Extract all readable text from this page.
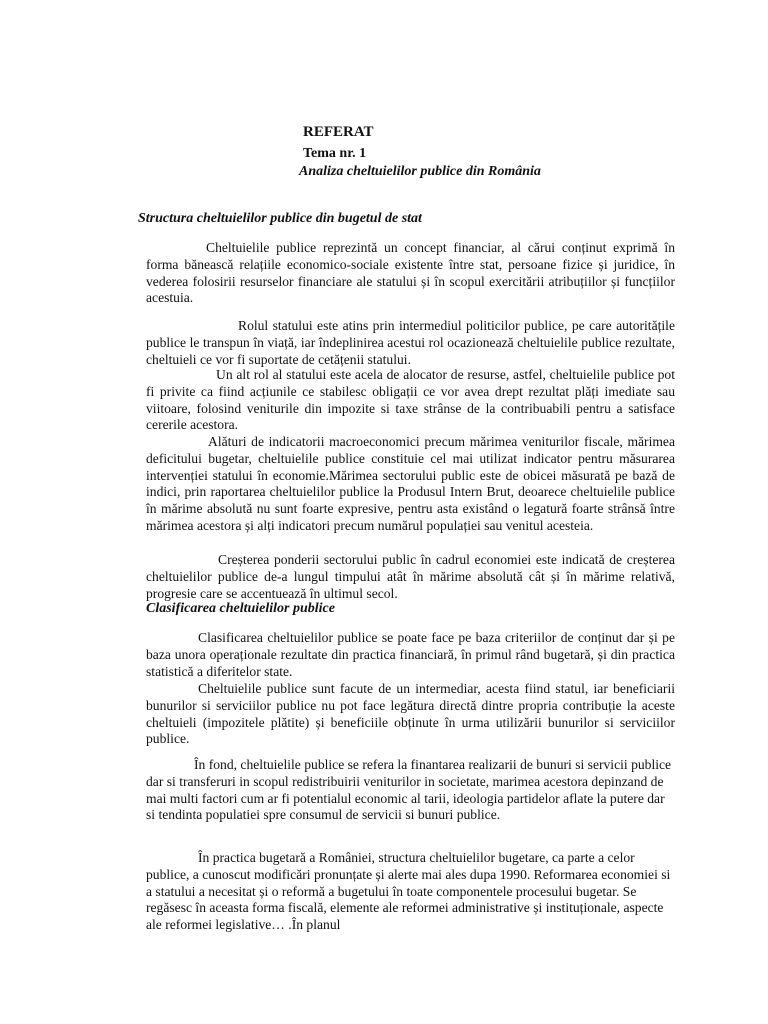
REFERAT
Tema nr. 1
Analiza cheltuielilor publice din România
Structura cheltuielilor publice din bugetul de stat

Cheltuielile publice reprezintă un concept financiar, al cărui conținut exprimă în forma bănească relațiile economico-sociale existente între stat, persoane fizice și juridice, în vederea folosirii resurselor financiare ale statului și în scopul exercitării atribuțiilor și funcțiilor acestuia.

Rolul statului este atins prin intermediul politicilor publice, pe care autoritățile publice le transpun în viață, iar îndeplinirea acestui rol ocazionează cheltuielile publice rezultate, cheltuieli ce vor fi suportate de cetățenii statului.

Un alt rol al statului este acela de alocator de resurse, astfel, cheltuielile publice pot fi privite ca fiind acțiunile ce stabilesc obligații ce vor avea drept rezultat plăți imediate sau viitoare, folosind veniturile din impozite si taxe strânse de la contribuabili pentru a satisface cererile acestora.

Alături de indicatorii macroeconomici precum mărimea veniturilor fiscale, mărimea deficitului bugetar, cheltuielile publice constituie cel mai utilizat indicator pentru măsurarea intervenției statului în economie.Mărimea sectorului public este de obicei măsurată pe bază de indici, prin raportarea cheltuielilor publice la Produsul Intern Brut, deoarece cheltuielile publice în mărime absolută nu sunt foarte expresive, pentru asta existând o legatură foarte strânsă între mărimea acestora și alți indicatori precum numărul populației sau venitul acesteia.

Creșterea ponderii sectorului public în cadrul economiei este indicată de creșterea cheltuielilor publice de-a lungul timpului atât în mărime absolută cât și în mărime relativă, progresie care se accentuează în ultimul secol.

Clasificarea cheltuielilor publice

Clasificarea cheltuielilor publice se poate face pe baza criteriilor de conținut dar și pe baza unora operaționale rezultate din practica financiară, în primul rând bugetară, și din practica statistică a diferitelor state.

Cheltuielile publice sunt facute de un intermediar, acesta fiind statul, iar beneficiarii bunurilor si serviciilor publice nu pot face legătura directă dintre propria contribuție la aceste cheltuieli (impozitele plătite) și beneficiile obținute în urma utilizării bunurilor si serviciilor publice.

În fond, cheltuielile publice se refera la finantarea realizarii de bunuri si servicii publice dar si transferuri in scopul redistribuirii veniturilor in societate, marimea acestora depinzand de mai multi factori cum ar fi potentialul economic al tarii, ideologia partidelor aflate la putere dar si tendinta populatiei spre consumul de servicii si bunuri publice.

În practica bugetară a României, structura cheltuielilor bugetare, ca parte a celor publice, a cunoscut modificări pronunțate și alerte mai ales dupa 1990. Reformarea economiei si a statului a necesitat și o reformă a bugetului în toate componentele procesului bugetar. Se regăsesc în aceasta forma fiscală, elemente ale reformei administrative și instituționale, aspecte ale reformei legislative… .În planul
